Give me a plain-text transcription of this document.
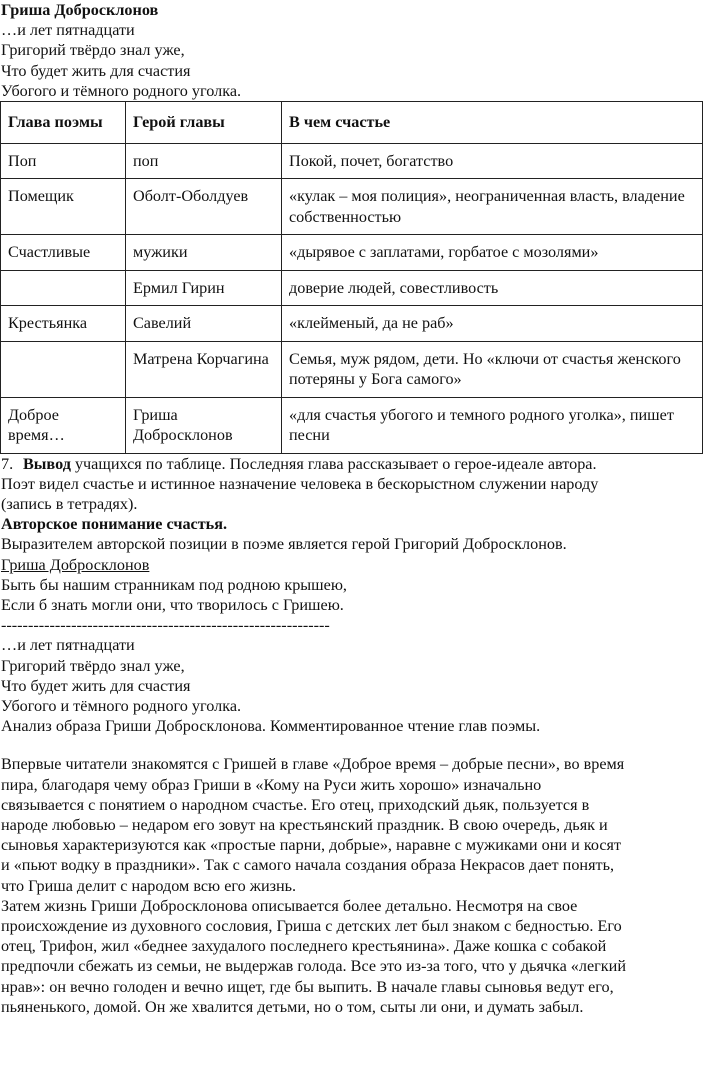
Гриша Добросклонов
…и лет пятнадцати
Григорий твёрдо знал уже,
Что будет жить для счастия
Убогого и тёмного родного уголка.
Глава поэмы	Герой главы	В чем счастье
Поп	поп	Покой, почет, богатство
Помещик	Оболт-Оболдуев	«кулак – моя полиция», неограниченная власть, владение собственностью
Счастливые	мужики	«дырявое с заплатами, горбатое с мозолями»
	Ермил Гирин	доверие людей, совестливость
Крестьянка	Савелий	«клейменый, да не раб»
	Матрена Корчагина	Семья, муж рядом, дети. Но «ключи от счастья женского потеряны у Бога самого»
Доброе время…	Гриша Добросклонов	«для счастья убогого и темного родного уголка», пишет песни
7. Вывод учащихся по таблице. Последняя глава рассказывает о герое-идеале автора.
Поэт видел счастье и истинное назначение человека в бескорыстном служении народу
(запись в тетрадях).
Авторское понимание счастья.
Выразителем авторской позиции в поэме является герой Григорий Добросклонов.
Гриша Добросклонов
Быть бы нашим странникам под родною крышею,
Если б знать могли они, что творилось с Гришею.
-------------------------------------------------------------
…и лет пятнадцати
Григорий твёрдо знал уже,
Что будет жить для счастия
Убогого и тёмного родного уголка.
Анализ образа Гриши Добросклонова. Комментированное чтение глав поэмы.
Впервые читатели знакомятся с Гришей в главе «Доброе время – добрые песни», во время
пира, благодаря чему образ Гриши в «Кому на Руси жить хорошо» изначально
связывается с понятием о народном счастье. Его отец, приходский дьяк, пользуется в
народе любовью – недаром его зовут на крестьянский праздник. В свою очередь, дьяк и
сыновья характеризуются как «простые парни, добрые», наравне с мужиками они и косят
и «пьют водку в праздники». Так с самого начала создания образа Некрасов дает понять,
что Гриша делит с народом всю его жизнь.
Затем жизнь Гриши Добросклонова описывается более детально. Несмотря на свое
происхождение из духовного сословия, Гриша с детских лет был знаком с бедностью. Его
отец, Трифон, жил «беднее захудалого последнего крестьянина». Даже кошка с собакой
предпочли сбежать из семьи, не выдержав голода. Все это из-за того, что у дьячка «легкий
нрав»: он вечно голоден и вечно ищет, где бы выпить. В начале главы сыновья ведут его,
пьяненького, домой. Он же хвалится детьми, но о том, сыты ли они, и думать забыл.
